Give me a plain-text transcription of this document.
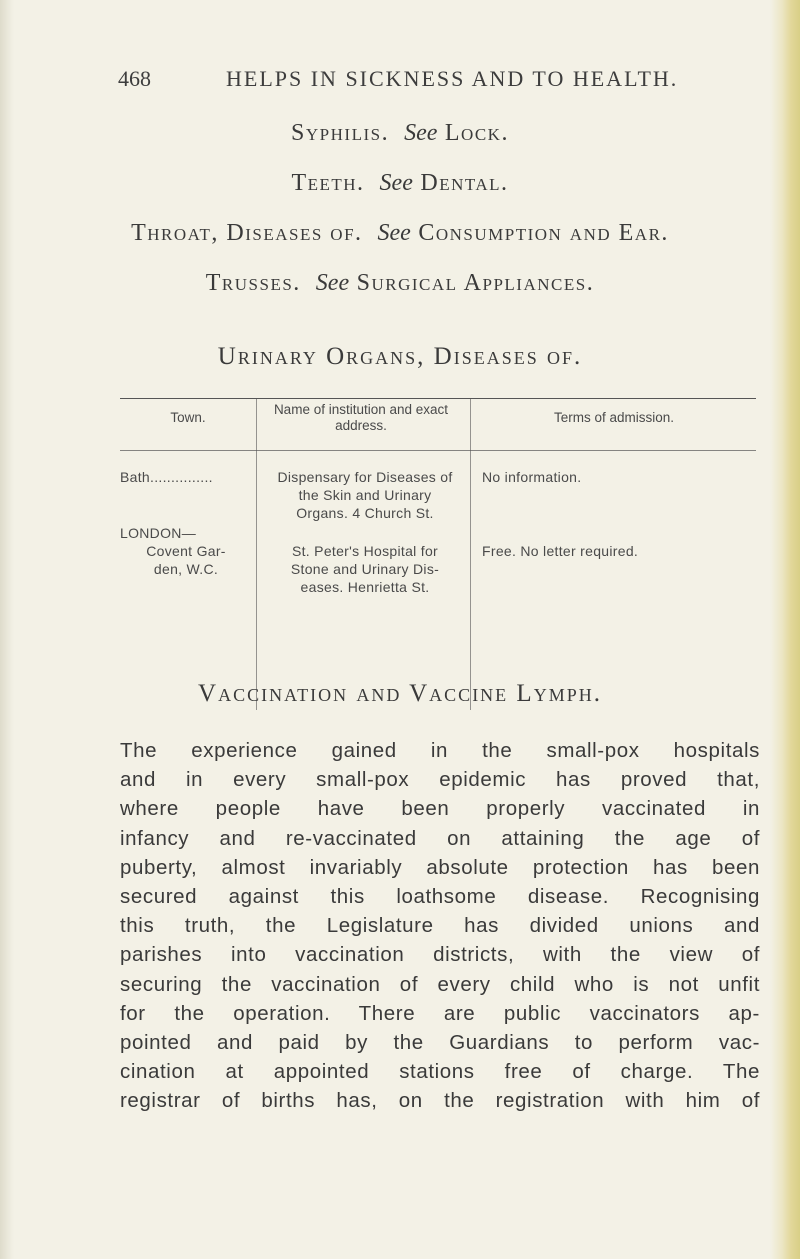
468	HELPS IN SICKNESS AND TO HEALTH.
Syphilis. See Lock.
Teeth. See Dental.
Throat, Diseases of. See Consumption and Ear.
Trusses. See Surgical Appliances.
Urinary Organs, Diseases of.
Town.
Name of institution and exact address.
Terms of admission.
Bath...............	Dispensary for Diseases of
the Skin and Urinary
Organs. 4 Church St.
No information.
LONDON—
Covent Gar-
den, W.C.
St. Peter's Hospital for
Stone and Urinary Dis-
eases. Henrietta St.
Free. No letter required.
Vaccination and Vaccine Lymph.
The experience gained in the small-pox hospitals
and in every small-pox epidemic has proved that,
where people have been properly vaccinated in
infancy and re-vaccinated on attaining the age of
puberty, almost invariably absolute protection has been
secured against this loathsome disease. Recognising
this truth, the Legislature has divided unions and
parishes into vaccination districts, with the view of
securing the vaccination of every child who is not unfit
for the operation. There are public vaccinators ap-
pointed and paid by the Guardians to perform vac-
cination at appointed stations free of charge. The
registrar of births has, on the registration with him of
